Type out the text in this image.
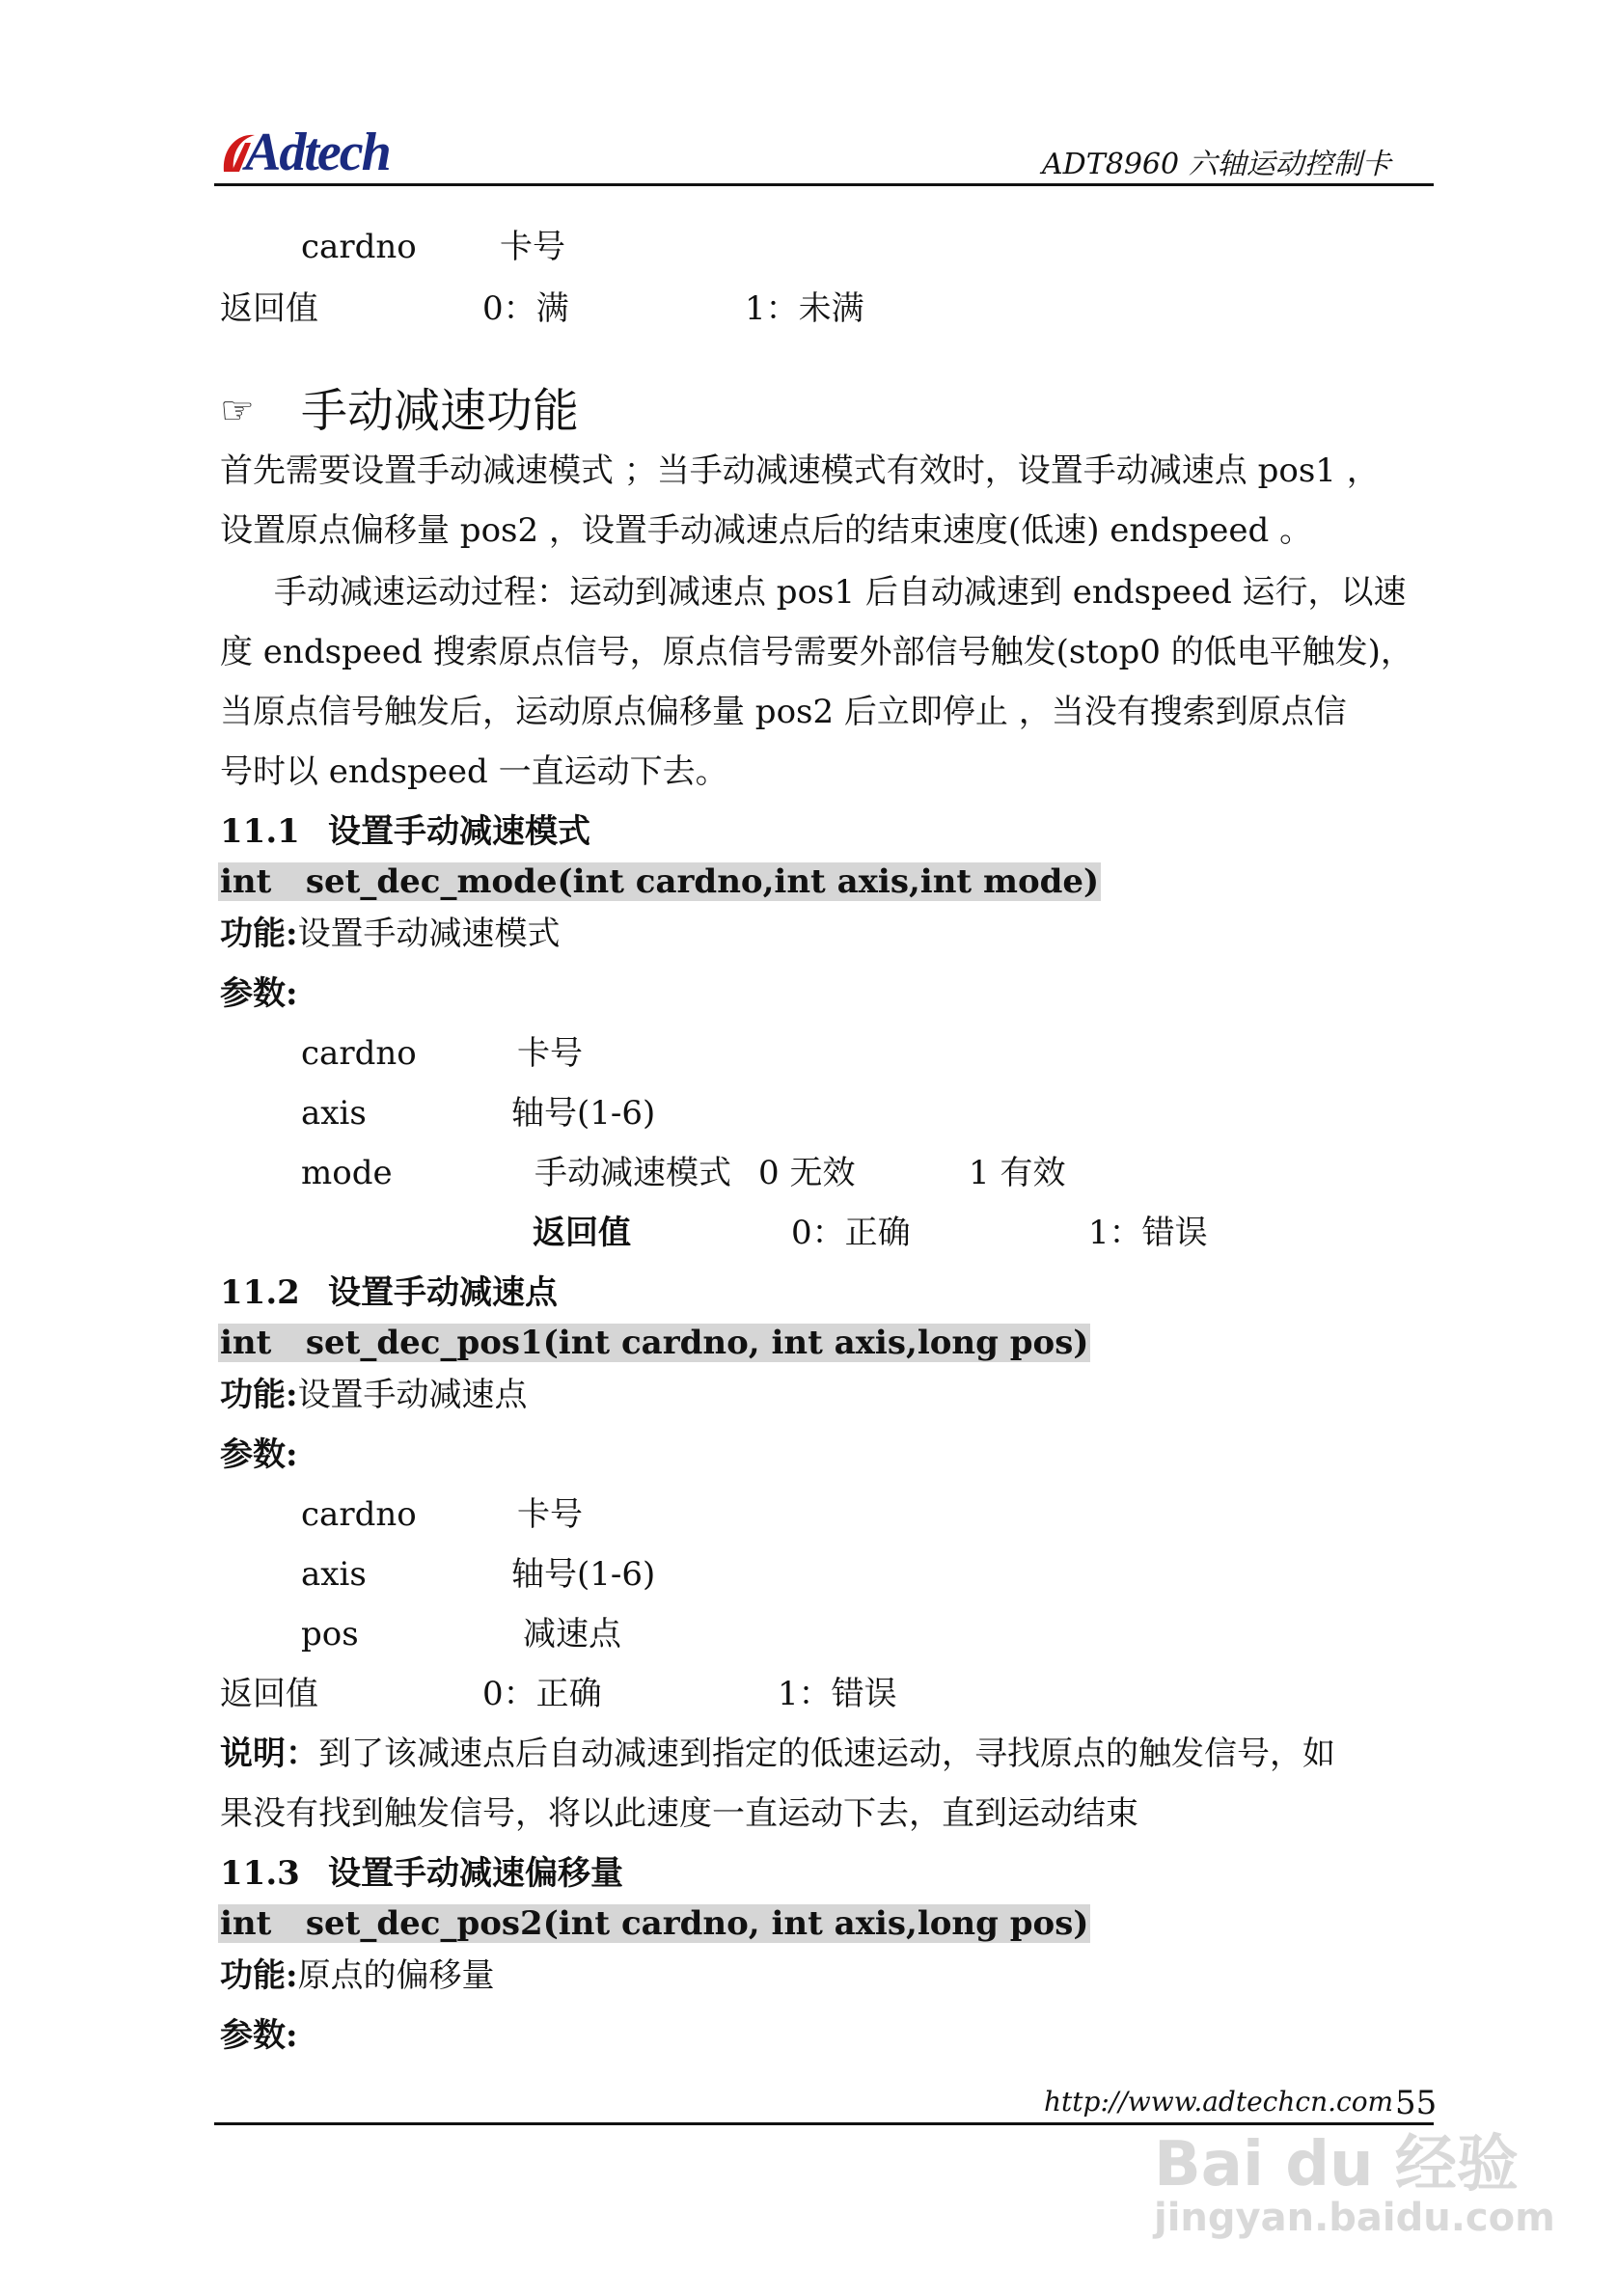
Adtech	ADT8960 六轴运动控制卡
cardno	卡号
返回值	0：满	1：未满
☞ 手动减速功能
首先需要设置手动减速模式 ；当手动减速模式有效时，设置手动减速点 pos1 ，
设置原点偏移量 pos2 ，设置手动减速点后的结束速度(低速) endspeed 。
手动减速运动过程：运动到减速点 pos1 后自动减速到 endspeed 运行，以速
度 endspeed 搜索原点信号，原点信号需要外部信号触发(stop0 的低电平触发)，
当原点信号触发后，运动原点偏移量 pos2 后立即停止 ，当没有搜索到原点信
号时以 endspeed 一直运动下去。
11.1 设置手动减速模式
int set_dec_mode(int cardno,int axis,int mode)
功能:设置手动减速模式
参数:
cardno	卡号
axis	轴号(1-6)
mode	手动减速模式 0 无效	1 有效
返回值	0：正确	1：错误
11.2 设置手动减速点
int set_dec_pos1(int cardno, int axis,long pos)
功能:设置手动减速点
参数:
cardno	卡号
axis	轴号(1-6)
pos	减速点
返回值	0：正确	1：错误
说明：到了该减速点后自动减速到指定的低速运动，寻找原点的触发信号，如
果没有找到触发信号，将以此速度一直运动下去，直到运动结束
11.3 设置手动减速偏移量
int set_dec_pos2(int cardno, int axis,long pos)
功能:原点的偏移量
参数:
http://www.adtechcn.com 55
Bai du 经验
jingyan.baidu.com
